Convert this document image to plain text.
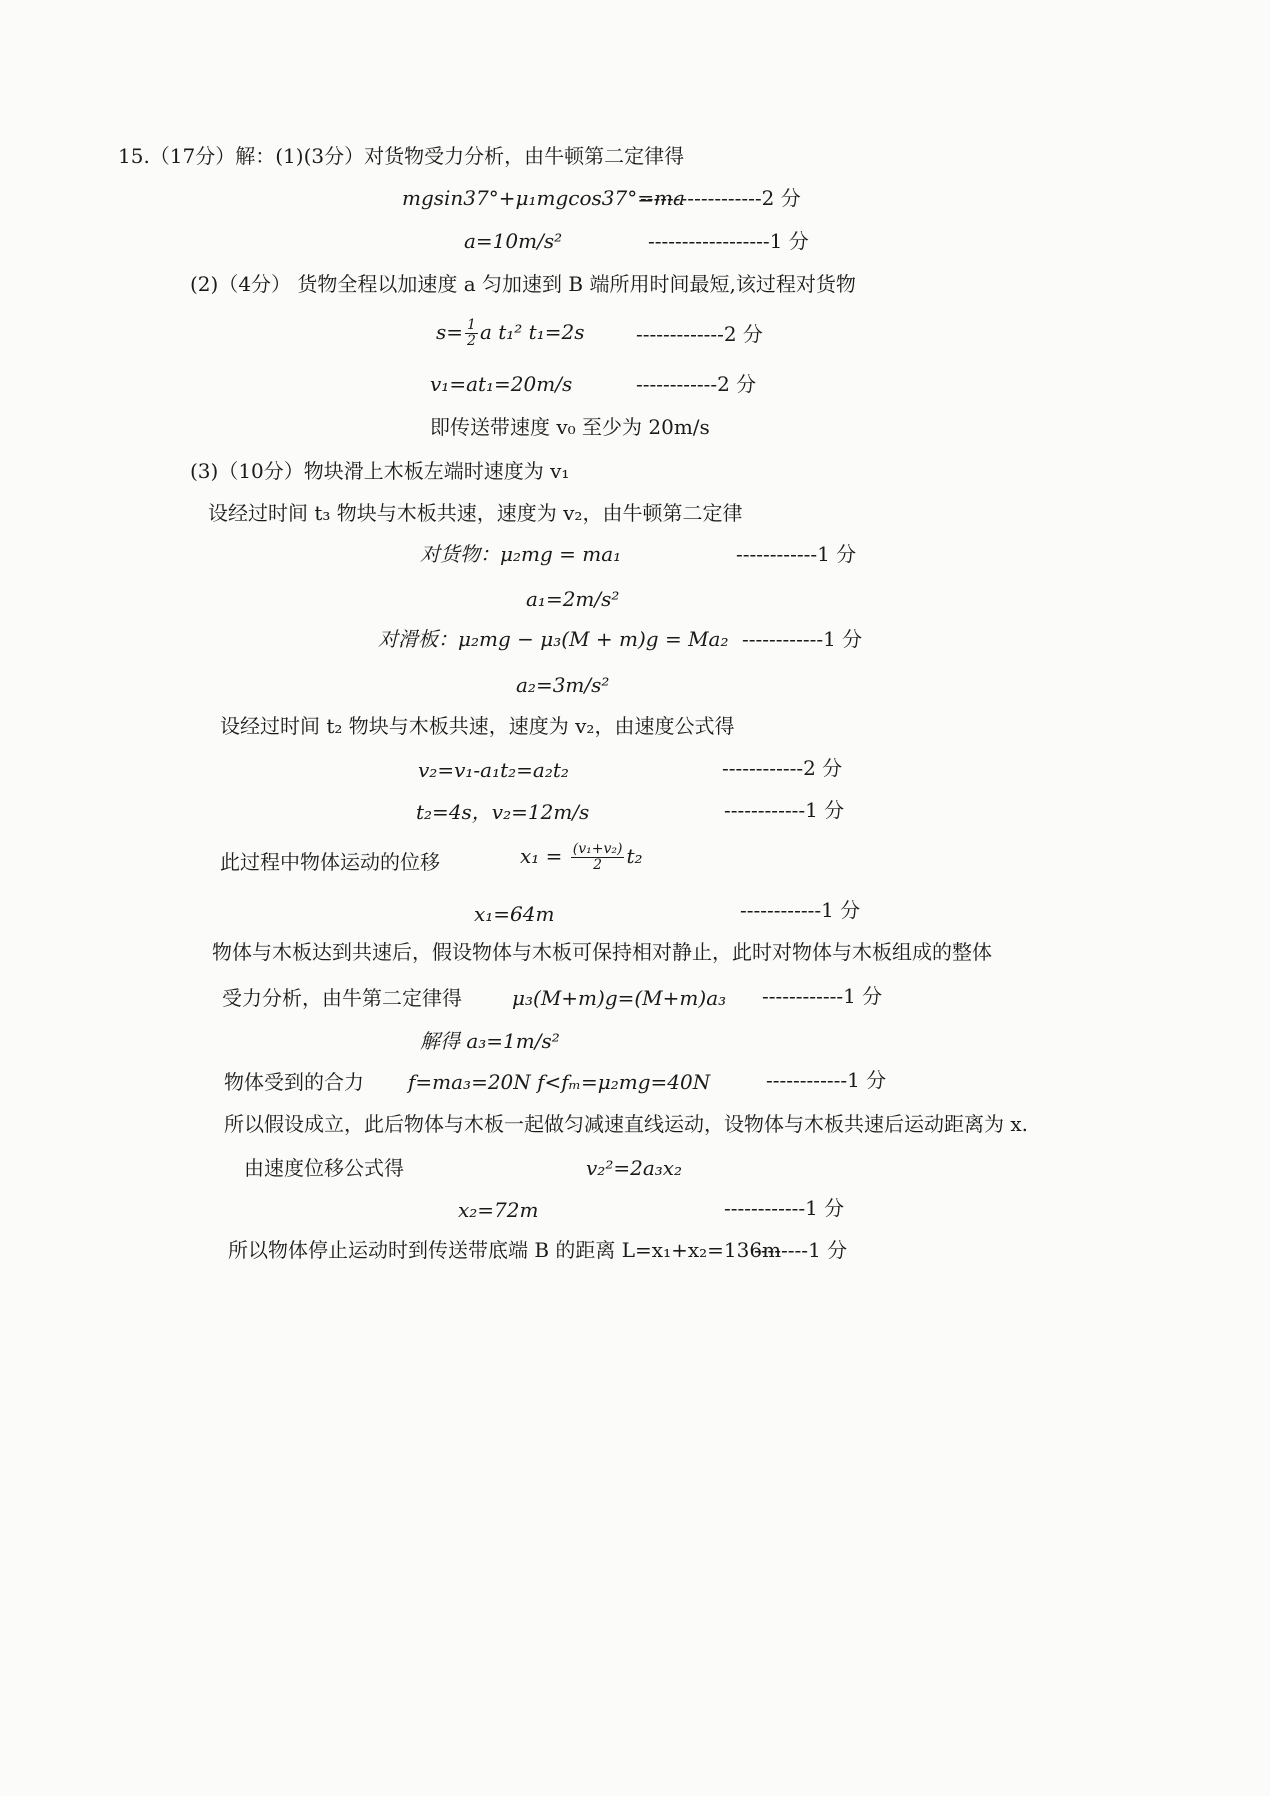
15.（17分）解：(1)(3分）对货物受力分析，由牛顿第二定律得
mgsin37°+μ₁mgcos37°=ma
------------------2 分
a=10m/s²	------------------1 分
(2)（4分） 货物全程以加速度 a 匀加速到 B 端所用时间最短,该过程对货物
$s= \frac{1}{2}$ a t₁² t₁=2s	-------------2 分
v₁=at₁=20m/s	------------2 分
即传送带速度 v₀ 至少为 20m/s
(3)（10分）物块滑上木板左端时速度为 v₁
设经过时间 t₃ 物块与木板共速，速度为 v₂，由牛顿第二定律
对货物：μ₂mg = ma₁	------------1 分
a₁=2m/s²
对滑板：μ₂mg − μ₃(M + m)g = Ma₂ ------------1 分
a₂=3m/s²
设经过时间 t₂ 物块与木板共速，速度为 v₂，由速度公式得
v₂=v₁-a₁t₂=a₂t₂	------------2 分
t₂=4s，v₂=12m/s	------------1 分
此过程中物体运动的位移	$x_1 = \frac{\text{(v₁+v₂)}}{2} t_2$
x₁=64m	------------1 分
物体与木板达到共速后，假设物体与木板可保持相对静止，此时对物体与木板组成的整体
受力分析，由牛第二定律得	μ₃(M+m)g=(M+m)a₃ ------------1 分
解得 a₃=1m/s²
物体受到的合力 f=ma₃=20N f<fₘ=μ₂mg=40N	------------1 分
所以假设成立，此后物体与木板一起做匀减速直线运动，设物体与木板共速后运动距离为 x.
由速度位移公式得	v₂²=2a₃x₂
x₂=72m	------------1 分
所以物体停止运动时到传送带底端 B 的距离 L=x₁+x₂=136m
--------1 分
